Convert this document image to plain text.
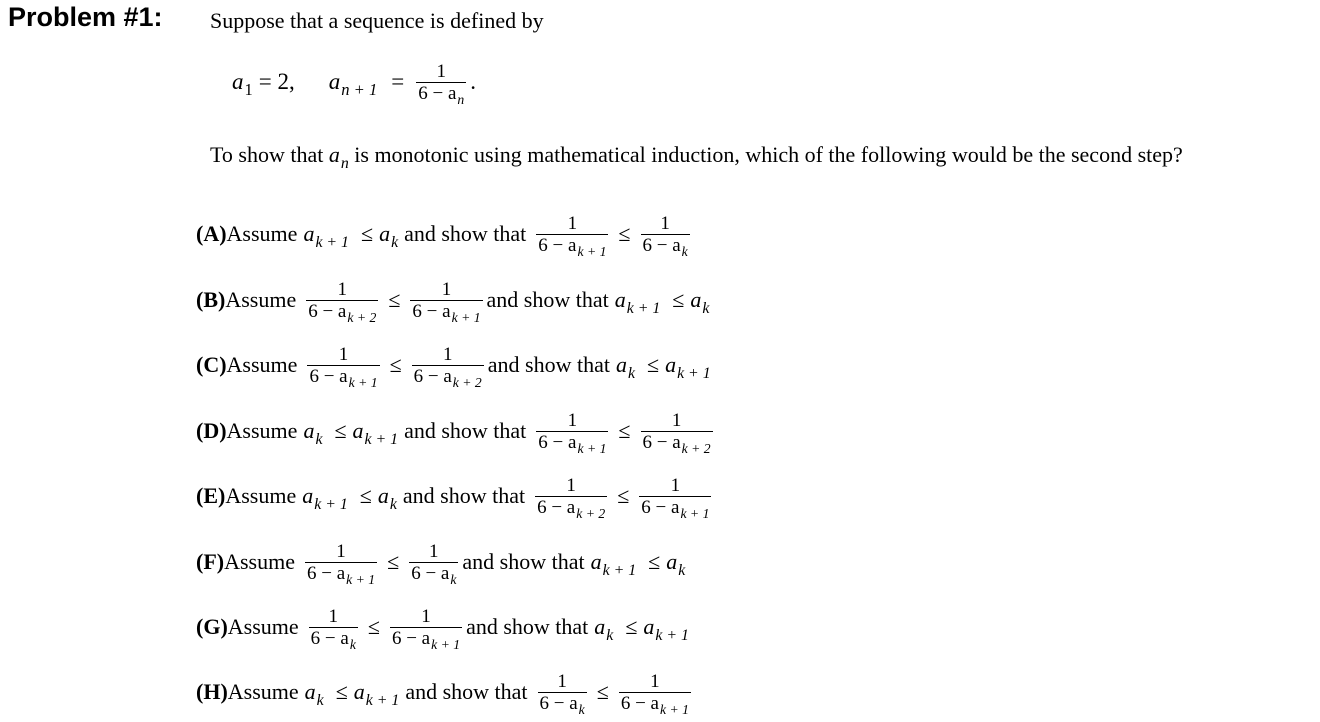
Problem #1: Suppose that a sequence is defined by
$a_1 = 2$, $a_{n + 1} = \frac{1}{6 - a_n}$ .
To show that $a_n$ is monotonic using mathematical induction, which of the following would be the second step?
(A) Assume $a_{k + 1} \le a_k$ and show that $\frac{1}{6 - a_{k + 1}} \le \frac{1}{6 - a_k}$
(B) Assume $\frac{1}{6 - a_{k + 2}} \le \frac{1}{6 - a_{k + 1}}$ and show that $a_{k + 1} \le a_k$
(C) Assume $\frac{1}{6 - a_{k + 1}} \le \frac{1}{6 - a_{k + 2}}$ and show that $a_k \le a_{k + 1}$
(D) Assume $a_k \le a_{k + 1}$ and show that $\frac{1}{6 - a_{k + 1}} \le \frac{1}{6 - a_{k + 2}}$
(E) Assume $a_{k + 1} \le a_k$ and show that $\frac{1}{6 - a_{k + 2}} \le \frac{1}{6 - a_{k + 1}}$
(F) Assume $\frac{1}{6 - a_{k + 1}} \le \frac{1}{6 - a_k}$ and show that $a_{k + 1} \le a_k$
(G) Assume $\frac{1}{6 - a_k} \le \frac{1}{6 - a_{k + 1}}$ and show that $a_k \le a_{k + 1}$
(H) Assume $a_k \le a_{k + 1}$ and show that $\frac{1}{6 - a_k} \le \frac{1}{6 - a_{k + 1}}$
